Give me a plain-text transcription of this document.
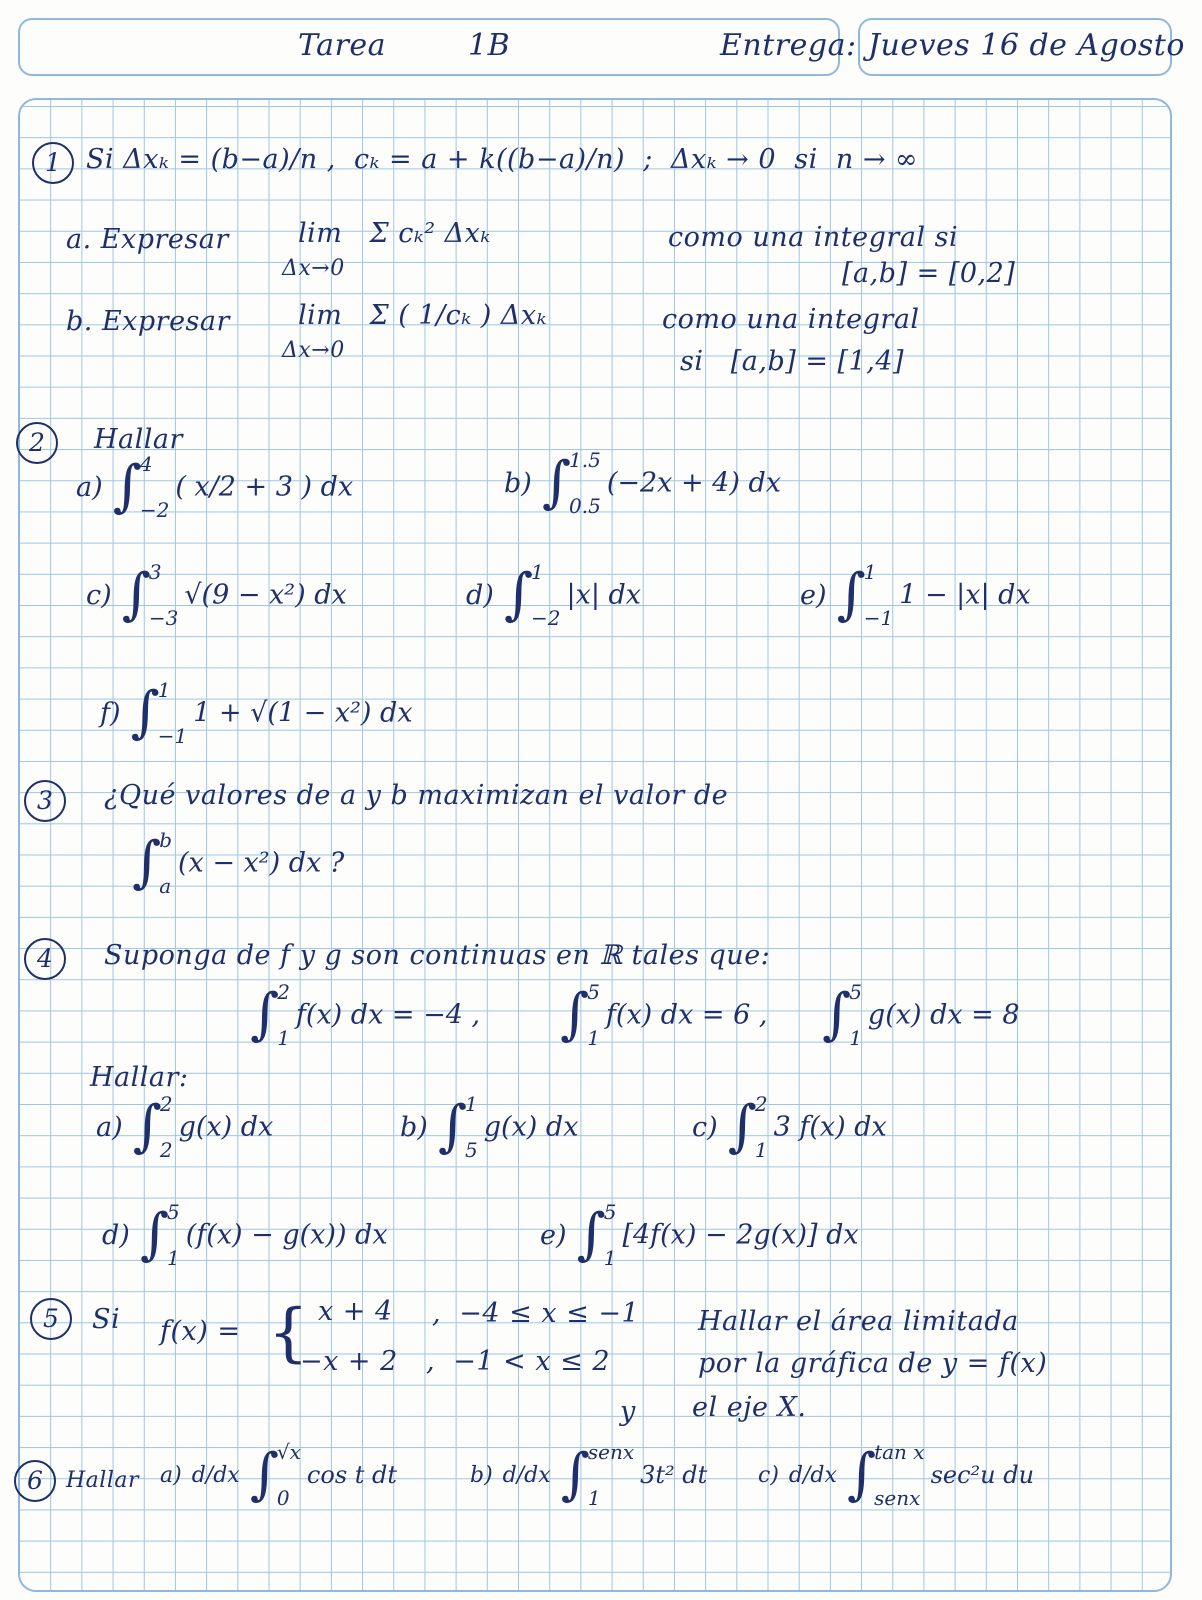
Tarea	1B	Entrega: Jueves 16 de Agosto
1 Si Δxₖ = (b−a)/n ,  cₖ = a + k((b−a)/n)  ;  Δxₖ → 0  si  n → ∞
a. Expresar	lim   Σ cₖ² Δxₖ
Δx→0
como una integral si
[a,b] = [0,2]
b. Expresar	lim   Σ ( 1/cₖ ) Δxₖ
Δx→0
como una integral
si   [a,b] = [1,4]
2	Hallar
a) ∫
4
−2
( x/2 + 3 ) dx	b) ∫
1.5
0.5
(−2x + 4) dx
c) ∫
3
−3
√(9 − x²) dx	d) ∫
1
−2
|x| dx	e) ∫
1
−1
1 − |x| dx
f) ∫
1
−1
1 + √(1 − x²) dx
3	¿Qué valores de a y b maximizan el valor de
∫
b
a
(x − x²) dx ?
4	Suponga de f y g son continuas en ℝ tales que:
∫
2
1
f(x) dx = −4 , ∫
5
1
f(x) dx = 6 , ∫
5
1
g(x) dx = 8
Hallar:
a) ∫
2
2
g(x) dx	b) ∫
1
5
g(x) dx	c) ∫
2
1
3 f(x) dx
d) ∫
5
1
(f(x) − g(x)) dx	e) ∫
5
1
[4f(x) − 2g(x)] dx
5	Si f(x) = { x + 4 ,  −4 ≤ x ≤ −1
−x + 2 ,  −1 < x ≤ 2
Hallar el área limitada
por la gráfica de y = f(x)
y el eje X.
6	Hallar a) d/dx ∫
√x
0
cos t dt	b) d/dx ∫
senx
1
3t² dt c) d/dx ∫
tan x
senx
sec²u du
